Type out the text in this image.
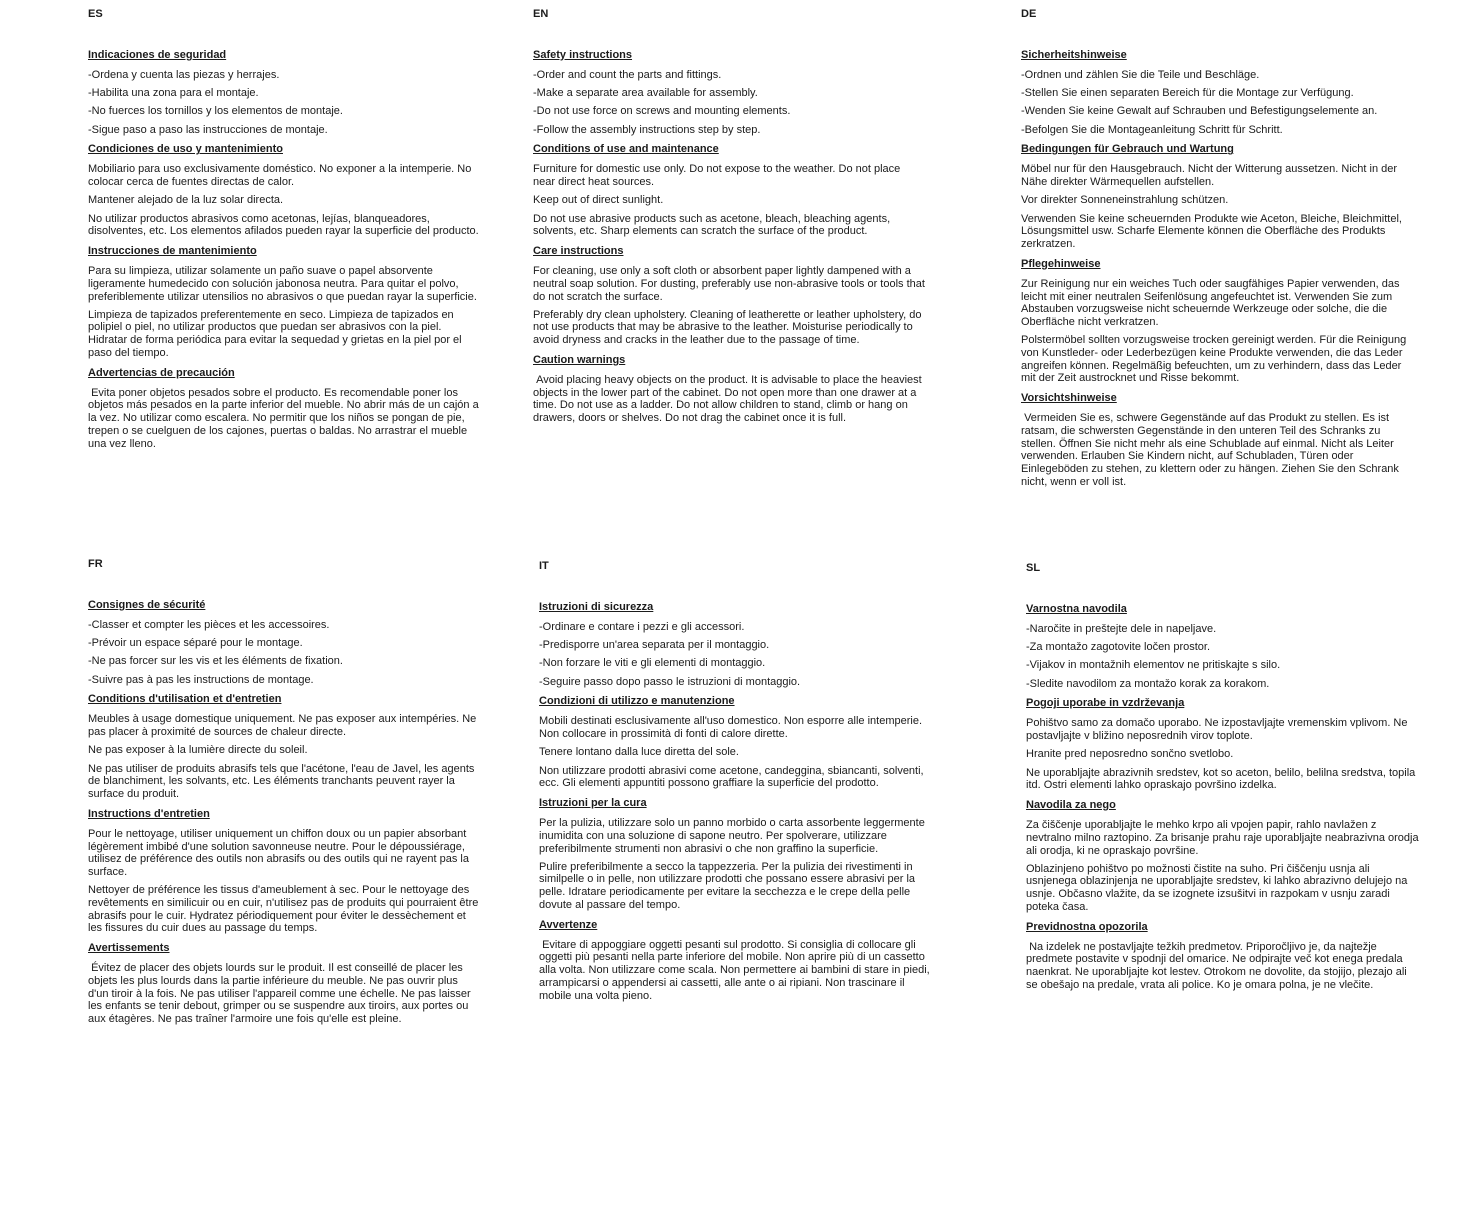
ES
Indicaciones de seguridad

-Ordena y cuenta las piezas y herrajes.

-Habilita una zona para el montaje.

-No fuerces los tornillos y los elementos de montaje.

-Sigue paso a paso las instrucciones de montaje.

Condiciones de uso y mantenimiento

Mobiliario para uso exclusivamente doméstico. No exponer a la intemperie. No colocar cerca de fuentes directas de calor.

Mantener alejado de la luz solar directa.

No utilizar productos abrasivos como acetonas, lejías, blanqueadores, disolventes, etc. Los elementos afilados pueden rayar la superficie del producto.

Instrucciones de mantenimiento

Para su limpieza, utilizar solamente un paño suave o papel absorvente ligeramente humedecido con solución jabonosa neutra. Para quitar el polvo, preferiblemente utilizar utensilios no abrasivos o que puedan rayar la superficie.

Limpieza de tapizados preferentemente en seco. Limpieza de tapizados en polipiel o piel, no utilizar productos que puedan ser abrasivos con la piel. Hidratar de forma periódica para evitar la sequedad y grietas en la piel por el paso del tiempo.

Advertencias de precaución

Evita poner objetos pesados sobre el producto. Es recomendable poner los objetos más pesados en la parte inferior del mueble. No abrir más de un cajón a la vez. No utilizar como escalera. No permitir que los niños se pongan de pie, trepen o se cuelguen de los cajones, puertas o baldas. No arrastrar el mueble una vez lleno.

EN
Safety instructions

-Order and count the parts and fittings.

-Make a separate area available for assembly.

-Do not use force on screws and mounting elements.

-Follow the assembly instructions step by step.

Conditions of use and maintenance

Furniture for domestic use only. Do not expose to the weather. Do not place near direct heat sources.

Keep out of direct sunlight.

Do not use abrasive products such as acetone, bleach, bleaching agents, solvents, etc. Sharp elements can scratch the surface of the product.

Care instructions

For cleaning, use only a soft cloth or absorbent paper lightly dampened with a neutral soap solution. For dusting, preferably use non-abrasive tools or tools that do not scratch the surface.

Preferably dry clean upholstery. Cleaning of leatherette or leather upholstery, do not use products that may be abrasive to the leather. Moisturise periodically to avoid dryness and cracks in the leather due to the passage of time.

Caution warnings

Avoid placing heavy objects on the product. It is advisable to place the heaviest objects in the lower part of the cabinet. Do not open more than one drawer at a time. Do not use as a ladder. Do not allow children to stand, climb or hang on drawers, doors or shelves. Do not drag the cabinet once it is full.

DE
Sicherheitshinweise

-Ordnen und zählen Sie die Teile und Beschläge.

-Stellen Sie einen separaten Bereich für die Montage zur Verfügung.

-Wenden Sie keine Gewalt auf Schrauben und Befestigungselemente an.

-Befolgen Sie die Montageanleitung Schritt für Schritt.

Bedingungen für Gebrauch und Wartung

Möbel nur für den Hausgebrauch. Nicht der Witterung aussetzen. Nicht in der Nähe direkter Wärmequellen aufstellen.

Vor direkter Sonneneinstrahlung schützen.

Verwenden Sie keine scheuernden Produkte wie Aceton, Bleiche, Bleichmittel, Lösungsmittel usw. Scharfe Elemente können die Oberfläche des Produkts zerkratzen.

Pflegehinweise

Zur Reinigung nur ein weiches Tuch oder saugfähiges Papier verwenden, das leicht mit einer neutralen Seifenlösung angefeuchtet ist. Verwenden Sie zum Abstauben vorzugsweise nicht scheuernde Werkzeuge oder solche, die die Oberfläche nicht verkratzen.

Polstermöbel sollten vorzugsweise trocken gereinigt werden. Für die Reinigung von Kunstleder- oder Lederbezügen keine Produkte verwenden, die das Leder angreifen können. Regelmäßig befeuchten, um zu verhindern, dass das Leder mit der Zeit austrocknet und Risse bekommt.

Vorsichtshinweise

Vermeiden Sie es, schwere Gegenstände auf das Produkt zu stellen. Es ist ratsam, die schwersten Gegenstände in den unteren Teil des Schranks zu stellen. Öffnen Sie nicht mehr als eine Schublade auf einmal. Nicht als Leiter verwenden. Erlauben Sie Kindern nicht, auf Schubladen, Türen oder Einlegeböden zu stehen, zu klettern oder zu hängen. Ziehen Sie den Schrank nicht, wenn er voll ist.

FR
Consignes de sécurité

-Classer et compter les pièces et les accessoires.

-Prévoir un espace séparé pour le montage.

-Ne pas forcer sur les vis et les éléments de fixation.

-Suivre pas à pas les instructions de montage.

Conditions d'utilisation et d'entretien

Meubles à usage domestique uniquement. Ne pas exposer aux intempéries. Ne pas placer à proximité de sources de chaleur directe.

Ne pas exposer à la lumière directe du soleil.

Ne pas utiliser de produits abrasifs tels que l'acétone, l'eau de Javel, les agents de blanchiment, les solvants, etc. Les éléments tranchants peuvent rayer la surface du produit.

Instructions d'entretien

Pour le nettoyage, utiliser uniquement un chiffon doux ou un papier absorbant légèrement imbibé d'une solution savonneuse neutre. Pour le dépoussiérage, utilisez de préférence des outils non abrasifs ou des outils qui ne rayent pas la surface.

Nettoyer de préférence les tissus d'ameublement à sec. Pour le nettoyage des revêtements en similicuir ou en cuir, n'utilisez pas de produits qui pourraient être abrasifs pour le cuir. Hydratez périodiquement pour éviter le dessèchement et les fissures du cuir dues au passage du temps.

Avertissements

Évitez de placer des objets lourds sur le produit. Il est conseillé de placer les objets les plus lourds dans la partie inférieure du meuble. Ne pas ouvrir plus d'un tiroir à la fois. Ne pas utiliser l'appareil comme une échelle. Ne pas laisser les enfants se tenir debout, grimper ou se suspendre aux tiroirs, aux portes ou aux étagères. Ne pas traîner l'armoire une fois qu'elle est pleine.

IT
Istruzioni di sicurezza

-Ordinare e contare i pezzi e gli accessori.

-Predisporre un'area separata per il montaggio.

-Non forzare le viti e gli elementi di montaggio.

-Seguire passo dopo passo le istruzioni di montaggio.

Condizioni di utilizzo e manutenzione

Mobili destinati esclusivamente all'uso domestico. Non esporre alle intemperie. Non collocare in prossimità di fonti di calore dirette.

Tenere lontano dalla luce diretta del sole.

Non utilizzare prodotti abrasivi come acetone, candeggina, sbiancanti, solventi, ecc. Gli elementi appuntiti possono graffiare la superficie del prodotto.

Istruzioni per la cura

Per la pulizia, utilizzare solo un panno morbido o carta assorbente leggermente inumidita con una soluzione di sapone neutro. Per spolverare, utilizzare preferibilmente strumenti non abrasivi o che non graffino la superficie.

Pulire preferibilmente a secco la tappezzeria. Per la pulizia dei rivestimenti in similpelle o in pelle, non utilizzare prodotti che possano essere abrasivi per la pelle. Idratare periodicamente per evitare la secchezza e le crepe della pelle dovute al passare del tempo.

Avvertenze

Evitare di appoggiare oggetti pesanti sul prodotto. Si consiglia di collocare gli oggetti più pesanti nella parte inferiore del mobile. Non aprire più di un cassetto alla volta. Non utilizzare come scala. Non permettere ai bambini di stare in piedi, arrampicarsi o appendersi ai cassetti, alle ante o ai ripiani. Non trascinare il mobile una volta pieno.

SL
Varnostna navodila

-Naročite in preštejte dele in napeljave.

-Za montažo zagotovite ločen prostor.

-Vijakov in montažnih elementov ne pritiskajte s silo.

-Sledite navodilom za montažo korak za korakom.

Pogoji uporabe in vzdrževanja

Pohištvo samo za domačo uporabo. Ne izpostavljajte vremenskim vplivom. Ne postavljajte v bližino neposrednih virov toplote.

Hranite pred neposredno sončno svetlobo.

Ne uporabljajte abrazivnih sredstev, kot so aceton, belilo, belilna sredstva, topila itd. Ostri elementi lahko opraskajo površino izdelka.

Navodila za nego

Za čiščenje uporabljajte le mehko krpo ali vpojen papir, rahlo navlažen z nevtralno milno raztopino. Za brisanje prahu raje uporabljajte neabrazivna orodja ali orodja, ki ne opraskajo površine.

Oblazinjeno pohištvo po možnosti čistite na suho. Pri čiščenju usnja ali usnjenega oblazinjenja ne uporabljajte sredstev, ki lahko abrazivno delujejo na usnje. Občasno vlažite, da se izognete izsušitvi in razpokam v usnju zaradi poteka časa.

Previdnostna opozorila

Na izdelek ne postavljajte težkih predmetov. Priporočljivo je, da najtežje predmete postavite v spodnji del omarice. Ne odpirajte več kot enega predala naenkrat. Ne uporabljajte kot lestev. Otrokom ne dovolite, da stojijo, plezajo ali se obešajo na predale, vrata ali police. Ko je omara polna, je ne vlečite.
